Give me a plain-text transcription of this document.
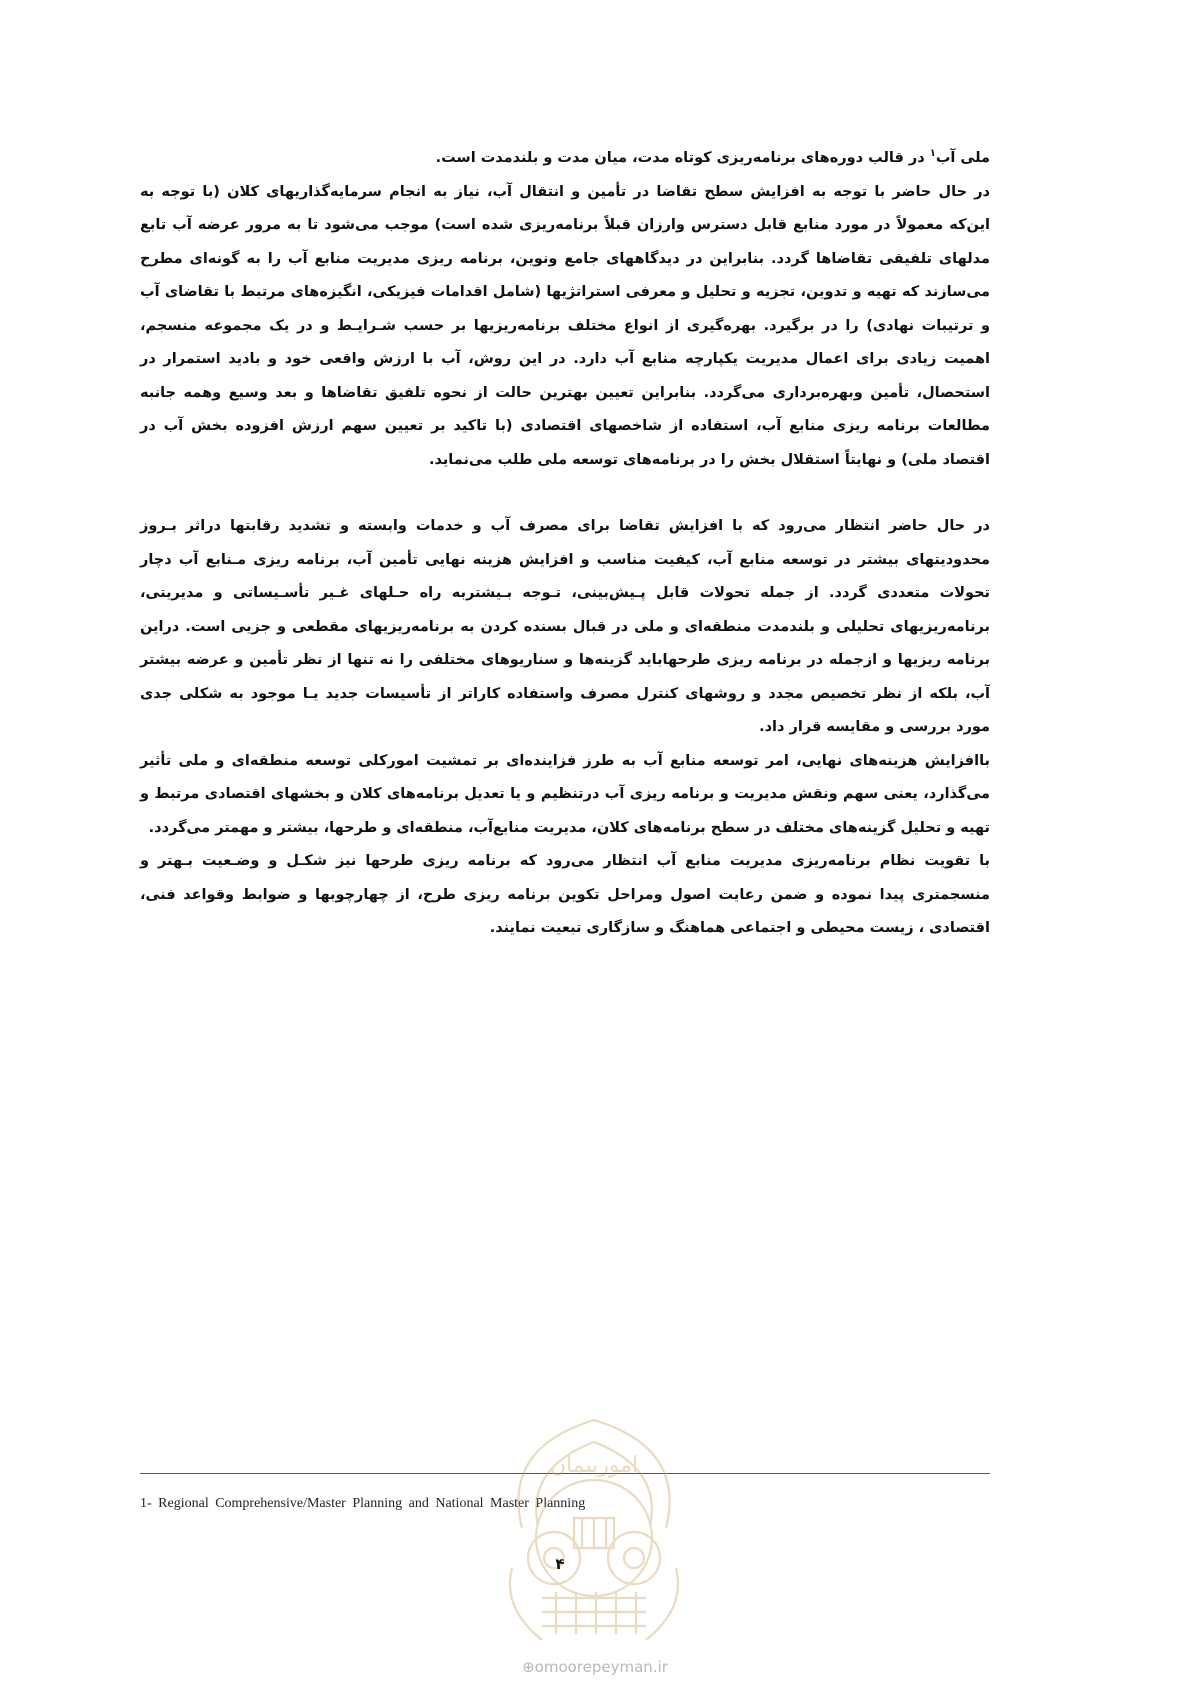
ملی آب$^۱$ در قالب دوره‌های برنامه‌ریزی کوتاه مدت، میان مدت و بلندمدت است.

در حال حاضر با توجه به افزایش سطح تقاضا در تأمین و انتقال آب، نیاز به انجام سرمایه‌گذاریهای کلان (با توجه به این‌که معمولاً در مورد منابع قابل دسترس وارزان قبلاً برنامه‌ریزی شده است) موجب می‌شود تا به مرور عرضه آب تابع مدلهای تلفیقی تقاضاها گردد. بنابراین در دیدگاههای جامع ونوین، برنامه ریزی مدیریت منابع آب را به گونه‌ای مطرح می‌سازند که تهیه و تدوین، تجزیه و تحلیل و معرفی استراتژیها (شامل اقدامات فیزیکی، انگیزه‌های مرتبط با تقاضای آب و ترتیبات نهادی) را در برگیرد. بهره‌گیری از انواع مختلف برنامه‌ریزیها بر حسب شـرایـط و در یک مجموعه منسجم، اهمیت زیادی برای اعمال مدیریت یکپارچه منابع آب دارد. در این روش، آب با ارزش واقعی خود و بادید استمرار در استحصال، تأمین وبهره‌برداری می‌گردد. بنابراین تعیین بهترین حالت از نحوه تلفیق تقاضاها و بعد وسیع وهمه جانبه مطالعات برنامه ریزی منابع آب، استفاده از شاخصهای اقتصادی (با تاکید بر تعیین سهم ارزش افزوده بخش آب در اقتصاد ملی) و نهایتاً استقلال بخش را در برنامه‌های توسعه ملی طلب می‌نماید.

در حال حاضر انتظار می‌رود که با افزایش تقاضا برای مصرف آب و خدمات وابسته و تشدید رقابتها دراثر بـروز محدودیتهای بیشتر در توسعه منابع آب، کیفیت مناسب و افزایش هزینه نهایی تأمین آب، برنامه ریزی مـنابع آب دچار تحولات متعددی گردد. از جمله تحولات قابل پـیش‌بینی، تـوجه بـیشتربه راه حـلهای غـیر تأسـیساتی و مدیریتی، برنامه‌ریزیهای تحلیلی و بلندمدت منطقه‌ای و ملی در قبال بسنده کردن به برنامه‌ریزیهای مقطعی و جزیی است. دراین برنامه ریزیها و ازجمله در برنامه ریزی طرحهابايد گزینه‌ها و سناریوهای مختلفی را نه تنها از نظر تأمین و عرضه بیشتر آب، بلکه از نظر تخصیص مجدد و روشهای کنترل مصرف واستفاده کاراتر از تأسیسات جدید یـا موجود به شکلی جدی مورد بررسی و مقایسه قرار داد.

باافزایش هزینه‌های نهایی، امر توسعه منابع آب به طرز فزاینده‌ای بر تمشیت امورکلی توسعه منطقه‌ای و ملی تأثیر می‌گذارد، یعنی سهم ونقش مدیریت و برنامه ریزی آب درتنظیم و یا تعدیل برنامه‌های کلان و بخشهای اقتصادی مرتبط و تهیه و تحلیل گزینه‌های مختلف در سطح برنامه‌های کلان، مدیریت منابع‌آب، منطقه‌ای و طرحها، بیشتر و مهمتر می‌گردد.

با تقویت نظام برنامه‌ریزی مدیریت منابع آب انتظار می‌رود که برنامه ریزی طرحها نیز شکـل و وضـعیت بـهتر و منسجمتری پیدا نموده و ضمن رعایت اصول ومراحل تکوین برنامه ریزی طرح، از چهارچوبها و ضوابط وقواعد فنی، اقتصادی ، زیست محیطی و اجتماعی هماهنگ و سازگاری تبعیت نمایند.

1- Regional Comprehensive/Master Planning and National Master Planning
امورپیمان
۴
⊕omoorepeyman.ir
